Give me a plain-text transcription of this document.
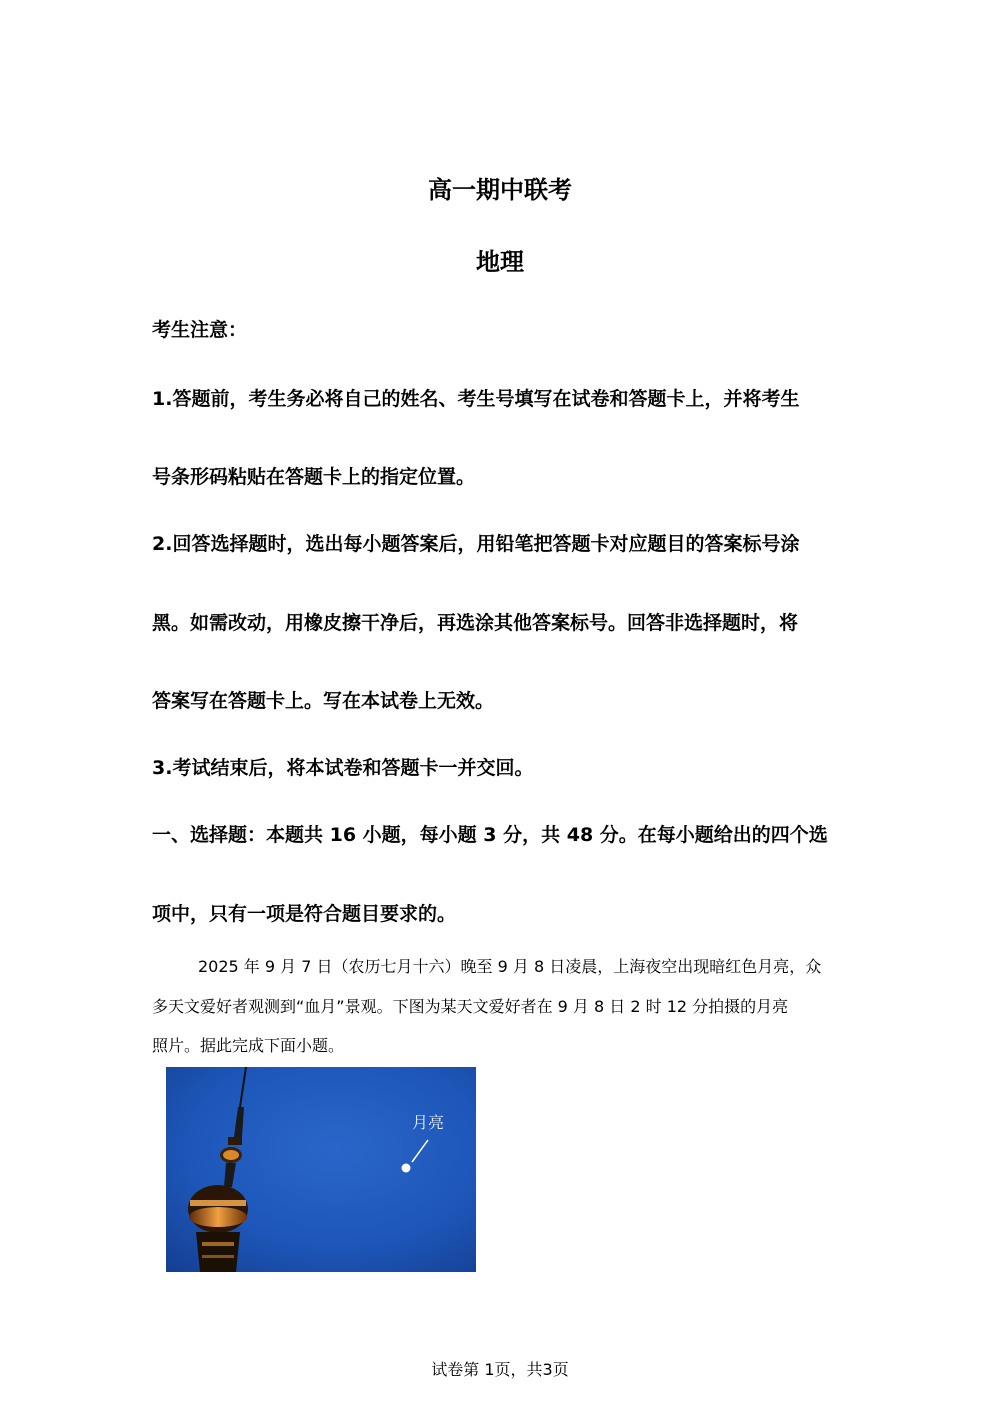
高一期中联考
地理
考生注意：
1.答题前，考生务必将自己的姓名、考生号填写在试卷和答题卡上，并将考生
号条形码粘贴在答题卡上的指定位置。
2.回答选择题时，选出每小题答案后，用铅笔把答题卡对应题目的答案标号涂
黑。如需改动，用橡皮擦干净后，再选涂其他答案标号。回答非选择题时，将
答案写在答题卡上。写在本试卷上无效。
3.考试结束后，将本试卷和答题卡一并交回。
一、选择题：本题共 16 小题，每小题 3 分，共 48 分。在每小题给出的四个选
项中，只有一项是符合题目要求的。
2025 年 9 月 7 日（农历七月十六）晚至 9 月 8 日凌晨，上海夜空出现暗红色月亮，众
多天文爱好者观测到“血月”景观。下图为某天文爱好者在 9 月 8 日 2 时 12 分拍摄的月亮
照片。据此完成下面小题。
月亮
试卷第 1页，共3页
